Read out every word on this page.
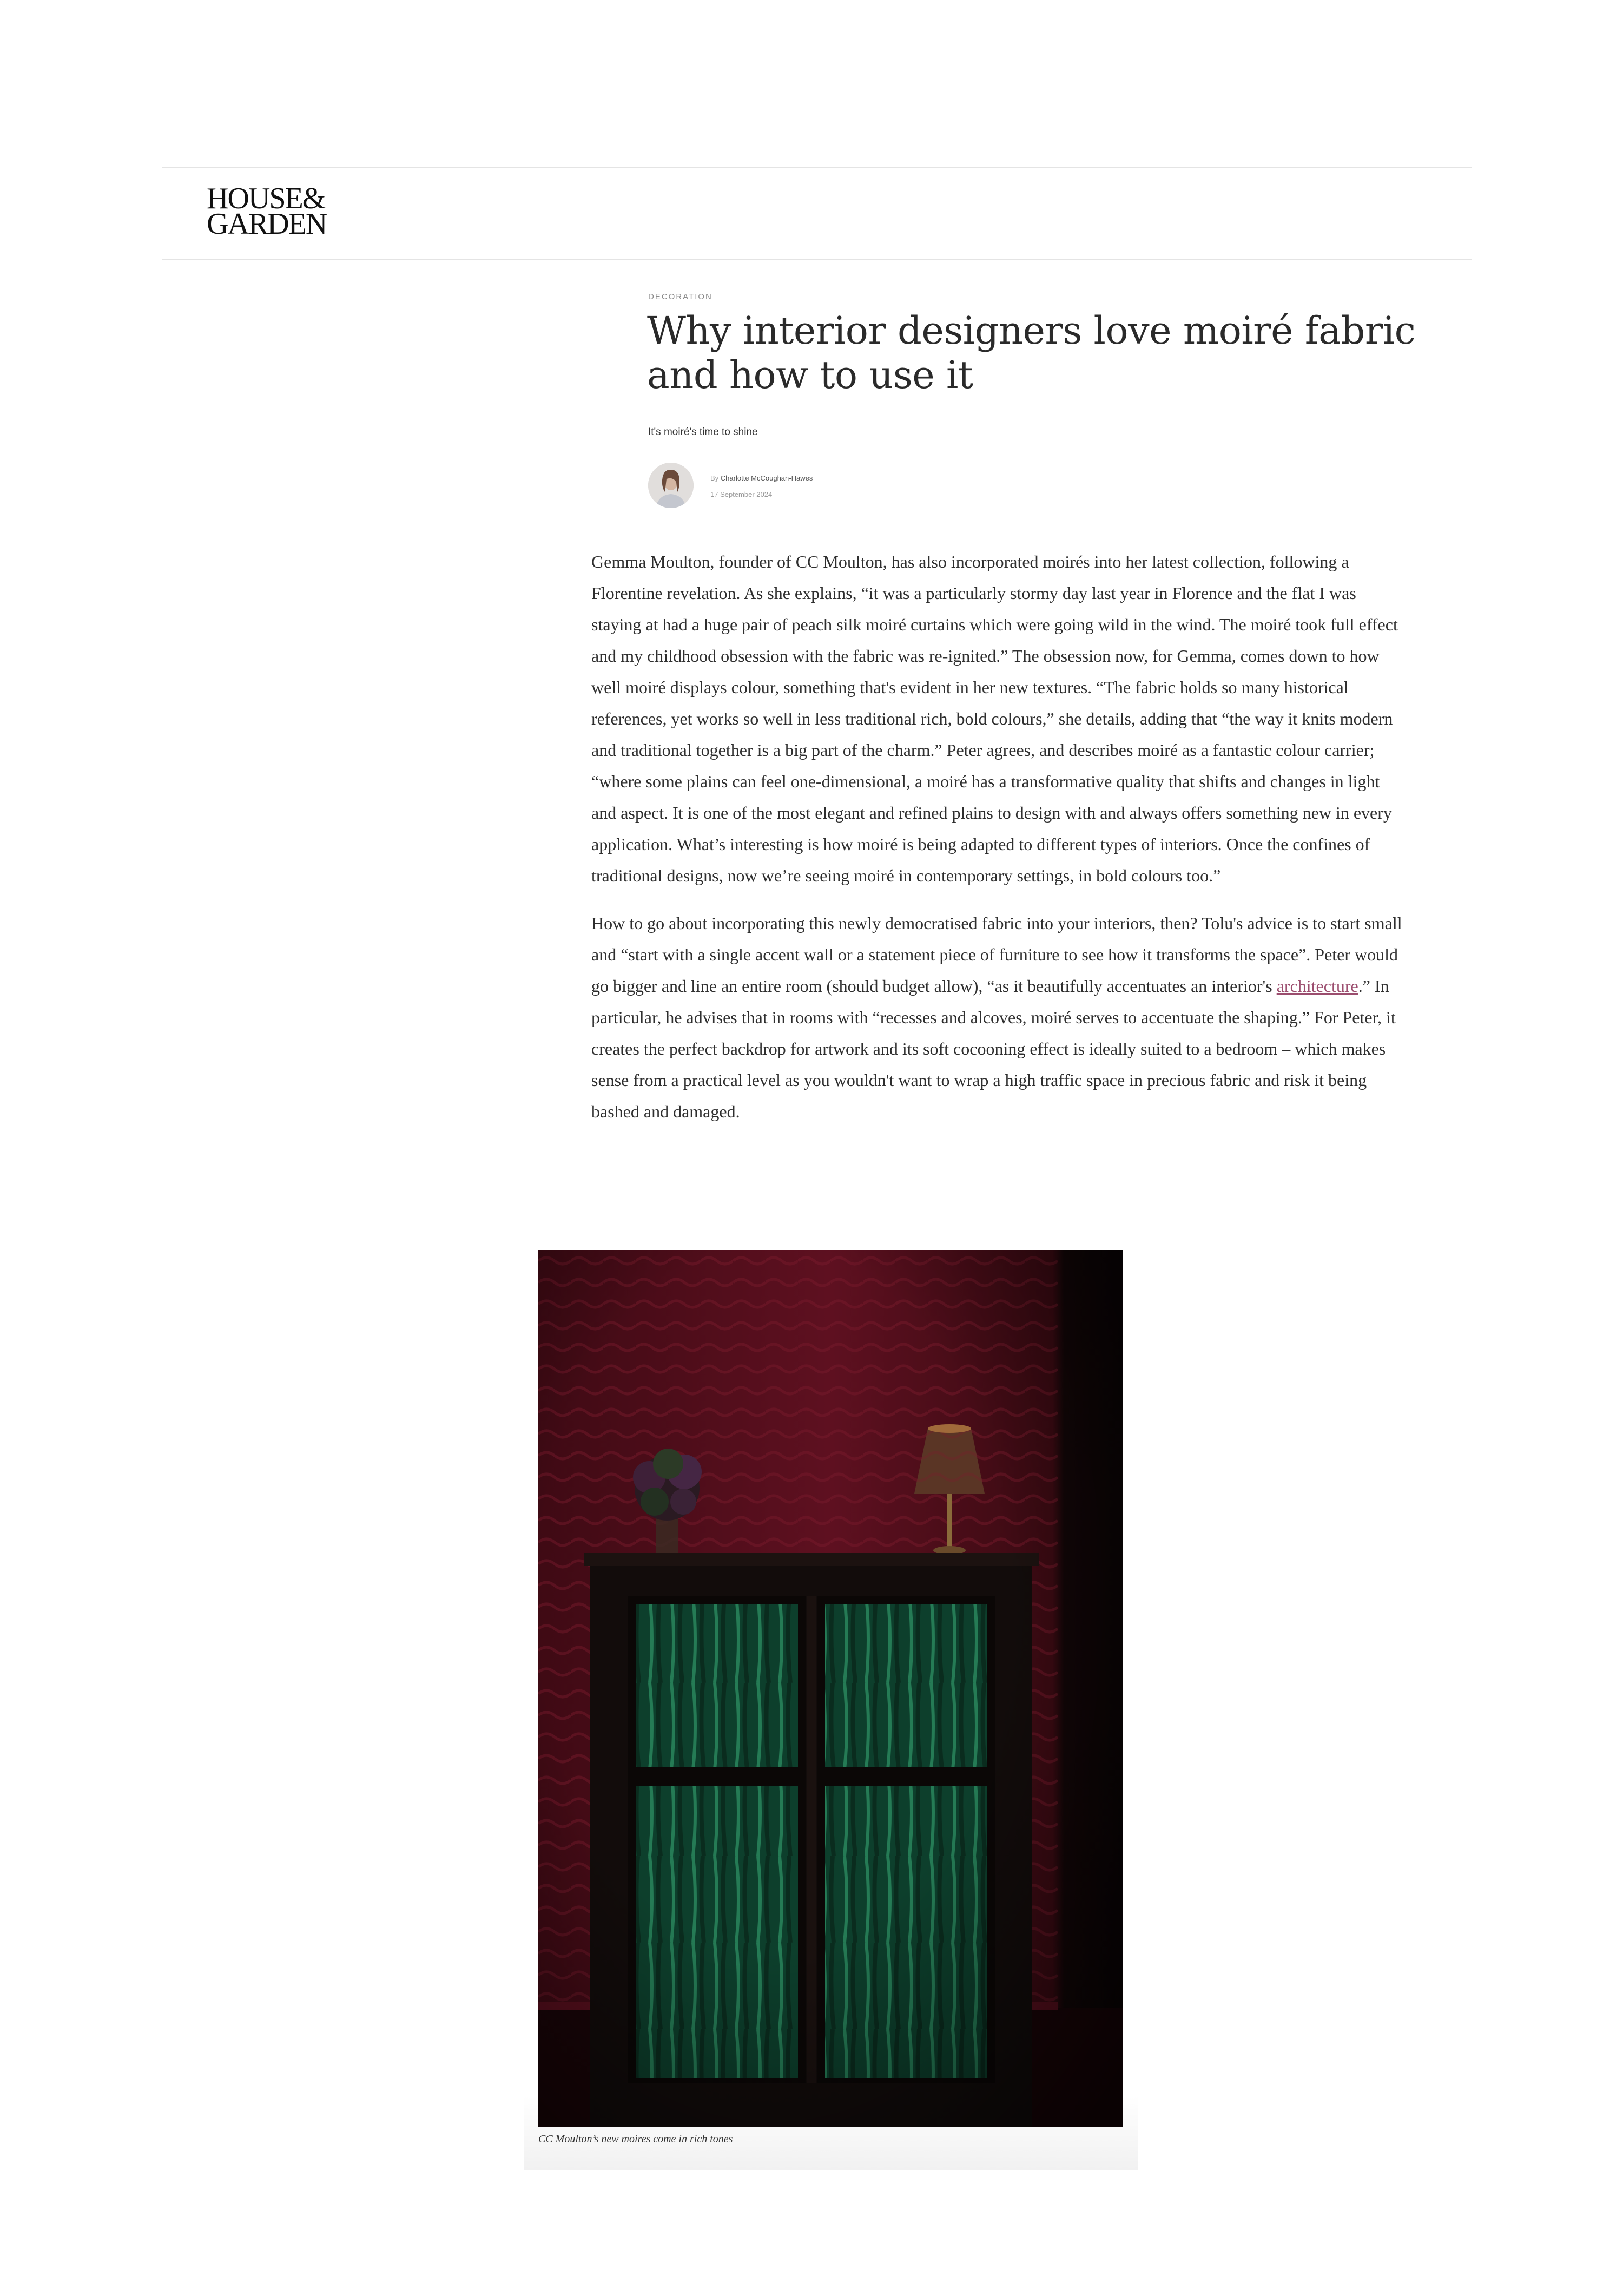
HOUSE&
GARDEN
DECORATION
Why interior designers love moiré fabric and how to use it
It's moiré's time to shine
By Charlotte McCoughan-Hawes
17 September 2024

Gemma Moulton, founder of CC Moulton, has also incorporated moirés into her latest collection, following a Florentine revelation. As she explains, “it was a particularly stormy day last year in Florence and the flat I was staying at had a huge pair of peach silk moiré curtains which were going wild in the wind. The moiré took full effect and my childhood obsession with the fabric was re-ignited.” The obsession now, for Gemma, comes down to how well moiré displays colour, something that's evident in her new textures. “The fabric holds so many historical references, yet works so well in less traditional rich, bold colours,” she details, adding that “the way it knits modern and traditional together is a big part of the charm.” Peter agrees, and describes moiré as a fantastic colour carrier; “where some plains can feel one-dimensional, a moiré has a transformative quality that shifts and changes in light and aspect. It is one of the most elegant and refined plains to design with and always offers something new in every application. What’s interesting is how moiré is being adapted to different types of interiors. Once the confines of traditional designs, now we’re seeing moiré in contemporary settings, in bold colours too.”

How to go about incorporating this newly democratised fabric into your interiors, then? Tolu's advice is to start small and “start with a single accent wall or a statement piece of furniture to see how it transforms the space”. Peter would go bigger and line an entire room (should budget allow), “as it beautifully accentuates an interior's architecture.” In particular, he advises that in rooms with “recesses and alcoves, moiré serves to accentuate the shaping.” For Peter, it creates the perfect backdrop for artwork and its soft cocooning effect is ideally suited to a bedroom – which makes sense from a practical level as you wouldn't want to wrap a high traffic space in precious fabric and risk it being bashed and damaged.

CC Moulton’s new moires come in rich tones
